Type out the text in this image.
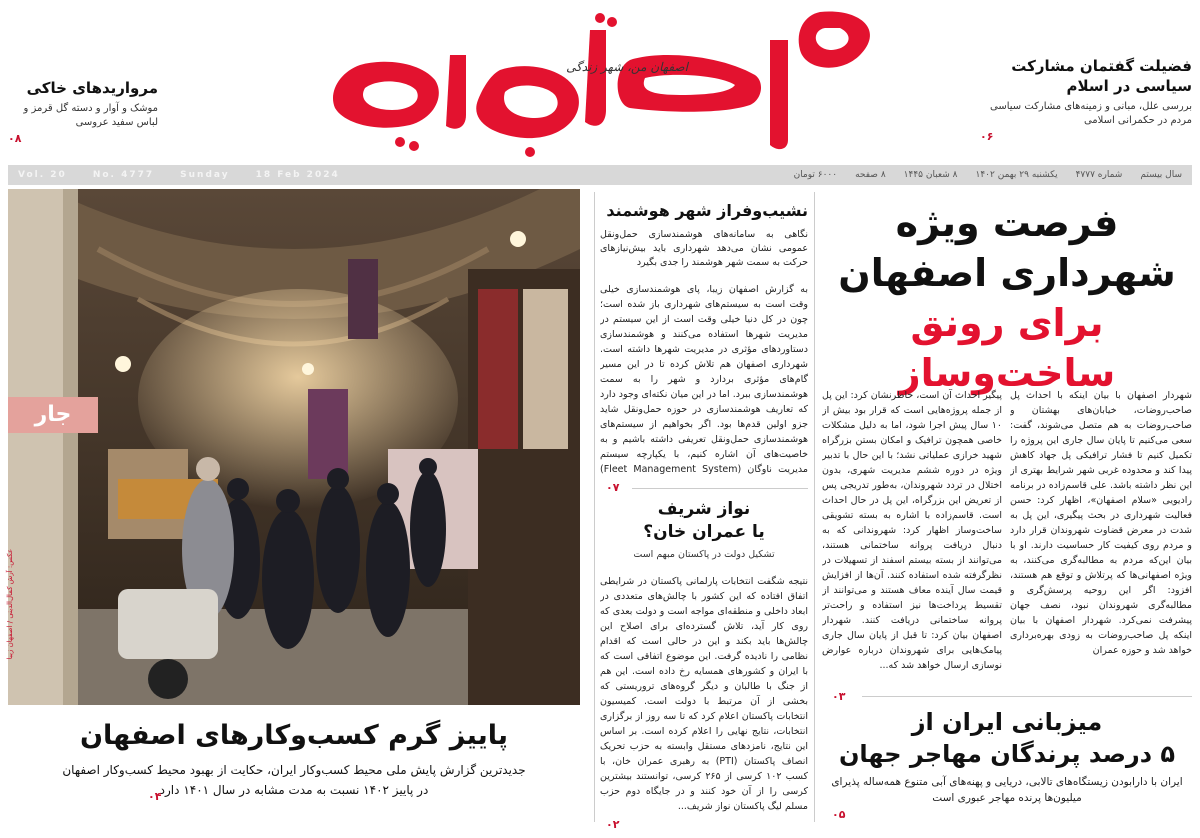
اصفهان من، شهر زندگی	فضیلت گفتمان مشارکت سیاسی در اسلام
بررسی علل، مبانی و زمینه‌های مشارکت سیاسی مردم در حکمرانی اسلامی
۰۶
مرواریدهای خاکی
موشک و آوار و دسته گل قرمز و لباس سفید عروسی
۰۸
Vol. 20	No. 4777	Sunday	18 Feb 2024	سال بیستم
شماره ۴۷۷۷
یکشنبه ۲۹ بهمن ۱۴۰۲
۸ شعبان ۱۴۴۵
۸ صفحه
۶۰۰۰ تومان
فرصت ویژه
شهرداری اصفهان
برای رونق ساخت‌وساز
شهردار اصفهان با بیان اینکه با احداث پل صاحب‌روضات، خیابان‌های بهشتان و صاحب‌روضات به هم متصل می‌شوند، گفت: سعی می‌کنیم تا پایان سال جاری این پروژه را تکمیل کنیم تا فشار ترافیکی پل جهاد کاهش پیدا کند و محدوده غربی شهر شرایط بهتری از این نظر داشته باشد. علی قاسم‌زاده در برنامه رادیویی «سلام اصفهان»، اظهار کرد: حسن فعالیت شهرداری در بحث پیگیری، این پل به شدت در معرض قضاوت شهروندان قرار دارد و مردم روی کیفیت کار حساسیت دارند. او با بیان این‌که مردم به مطالبه‌گری می‌کنند، به ویژه اصفهانی‌ها که پرتلاش و توقع هم هستند، افزود: اگر این روحیه پرسش‌گری و مطالبه‌گری شهروندان نبود، نصف جهان پیشرفت نمی‌کرد. شهردار اصفهان با بیان اینکه پل صاحب‌روضات به زودی بهره‌برداری خواهد شد و حوزه عمران
پیگیر احداث آن است، خاطرنشان کرد: این پل از جمله پروژه‌هایی است که قرار بود بیش از ۱۰ سال پیش اجرا شود، اما به دلیل مشکلات خاصی همچون ترافیک و امکان بستن بزرگراه شهید خرازی عملیاتی نشد؛ با این حال با تدبیر ویژه در دوره ششم مدیریت شهری، بدون اختلال در تردد شهروندان، به‌طور تدریجی پس از تعریض این بزرگراه، این پل در حال احداث است. قاسم‌زاده با اشاره به بسته تشویقی ساخت‌وساز اظهار کرد: شهروندانی که به دنبال دریافت پروانه ساختمانی هستند، می‌توانند از بسته بیستم اسفند از تسهیلات در نظرگرفته شده استفاده کنند. آن‌ها از افزایش قیمت سال آینده معاف هستند و می‌توانند از تقسیط پرداخت‌ها نیز استفاده و راحت‌تر پروانه ساختمانی دریافت کنند. شهردار اصفهان بیان کرد: تا قبل از پایان سال جاری پیامک‌هایی برای شهروندان درباره عوارض نوسازی ارسال خواهد شد که...
۰۳
میزبانی ایران از
۵ درصد پرندگان مهاجر جهان
ایران با دارابودن زیستگاه‌های تالابی، دریایی و پهنه‌های آبی متنوع همه‌ساله پذیرای میلیون‌ها پرنده مهاجر عبوری است
۰۵
نشیب‌وفراز شهر هوشمند
نگاهی به سامانه‌های هوشمندسازی حمل‌ونقل عمومی نشان می‌دهد شهرداری باید بیش‌نیازهای حرکت به سمت شهر هوشمند را جدی بگیرد
به گزارش اصفهان زیبا، پای هوشمندسازی خیلی وقت است به سیستم‌های شهرداری باز شده است؛ چون در کل دنیا خیلی وقت است از این سیستم در مدیریت شهرها استفاده می‌کنند و هوشمندسازی دستاوردهای مؤثری در مدیریت شهرها داشته است. شهرداری اصفهان هم تلاش کرده تا در این مسیر گام‌های مؤثری بردارد و شهر را به سمت هوشمندسازی ببرد. اما در این میان نکته‌ای وجود دارد که تعاریف هوشمندسازی در حوزه حمل‌ونقل شاید جزو اولین قدم‌ها بود. اگر بخواهیم از سیستم‌های هوشمندسازی حمل‌ونقل تعریفی داشته باشیم و به خاصیت‌های آن اشاره کنیم، با یکپارچه سیستم مدیریت ناوگان (Fleet Management System)
۰۷
نواز شریف
یا عمران خان؟
تشکیل دولت در پاکستان مبهم است
نتیجه شگفت انتخابات پارلمانی پاکستان در شرایطی اتفاق افتاده که این کشور با چالش‌های متعددی در ابعاد داخلی و منطقه‌ای مواجه است و دولت بعدی که روی کار آید، تلاش گسترده‌ای برای اصلاح این چالش‌ها باید بکند و این در حالی است که اقدام نظامی را نادیده گرفت. این موضوع اتفاقی است که با ایران و کشورهای همسایه رخ داده است. این هم از جنگ با طالبان و دیگر گروه‌های تروریستی که بخشی از آن مرتبط با دولت است. کمیسیون انتخابات پاکستان اعلام کرد که تا سه روز از برگزاری انتخابات، نتایج نهایی را اعلام کرده است. بر اساس این نتایج، نامزدهای مستقل وابسته به حزب تحریک انصاف پاکستان (PTI) به رهبری عمران خان، با کسب ۱۰۲ کرسی از ۲۶۵ کرسی، توانستند بیشترین کرسی را از آن خود کنند و در جایگاه دوم حزب مسلم لیگ پاکستان نواز شریف...
۰۲
جار
عکس: آرش کمال‌الدینی / اصفهان زیبا
پاییز گرم کسب‌وکارهای اصفهان
جدیدترین گزارش پایش ملی محیط کسب‌وکار ایران، حکایت از بهبود محیط کسب‌وکار اصفهان
در پاییز ۱۴۰۲ نسبت به مدت مشابه در سال ۱۴۰۱ دارد
۰۴
